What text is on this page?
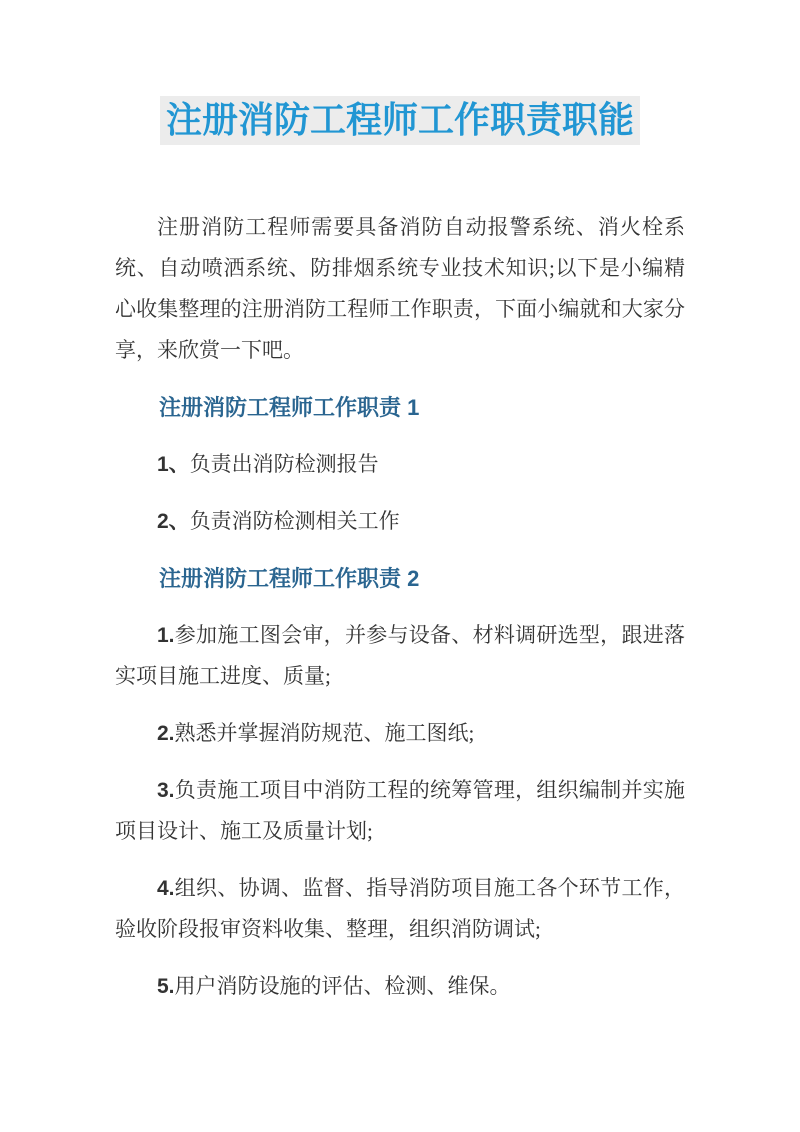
注册消防工程师工作职责职能

注册消防工程师需要具备消防自动报警系统、消火栓系统、自动喷洒系统、防排烟系统专业技术知识;以下是小编精心收集整理的注册消防工程师工作职责，下面小编就和大家分享，来欣赏一下吧。

注册消防工程师工作职责 1

1、负责出消防检测报告

2、负责消防检测相关工作

注册消防工程师工作职责 2

1.参加施工图会审，并参与设备、材料调研选型，跟进落实项目施工进度、质量;

2.熟悉并掌握消防规范、施工图纸;

3.负责施工项目中消防工程的统筹管理，组织编制并实施项目设计、施工及质量计划;

4.组织、协调、监督、指导消防项目施工各个环节工作，验收阶段报审资料收集、整理，组织消防调试;

5.用户消防设施的评估、检测、维保。
